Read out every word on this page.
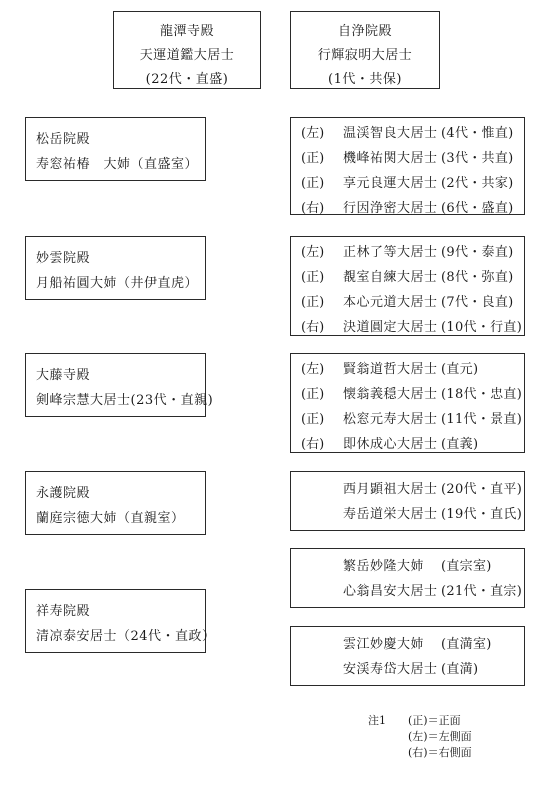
龍潭寺殿
天運道鑑大居士
(22代・直盛)
自浄院殿
行輝寂明大居士
(1代・共保)
松岳院殿
寿窓祐椿　大姉（直盛室）
妙雲院殿
月船祐圓大姉（井伊直虎）
大藤寺殿
剣峰宗慧大居士(23代・直親)
永護院殿
蘭庭宗徳大姉（直親室）
祥寿院殿
清凉泰安居士（24代・直政）
(左) 温渓智良大居士 (4代・惟直)
(正) 機峰祐関大居士 (3代・共直)
(正) 享元良運大居士 (2代・共家)
(右) 行因浄密大居士 (6代・盛直)
(左) 正林了等大居士 (9代・泰直)
(正) 覩室自練大居士 (8代・弥直)
(正) 本心元道大居士 (7代・良直)
(右) 決道圓定大居士 (10代・行直)
(左) 賢翁道哲大居士 (直元)
(正) 懐翁義穏大居士 (18代・忠直)
(正) 松窓元寿大居士 (11代・景直)
(右) 即休成心大居士 (直義)
西月顕祖大居士 (20代・直平)
寿岳道栄大居士 (19代・直氏)
繁岳妙隆大姉 (直宗室)
心翁昌安大居士 (21代・直宗)
雲江妙慶大姉 (直満室)
安渓寿岱大居士 (直満)
注1 (正)＝正面
(左)＝左側面
(右)＝右側面
